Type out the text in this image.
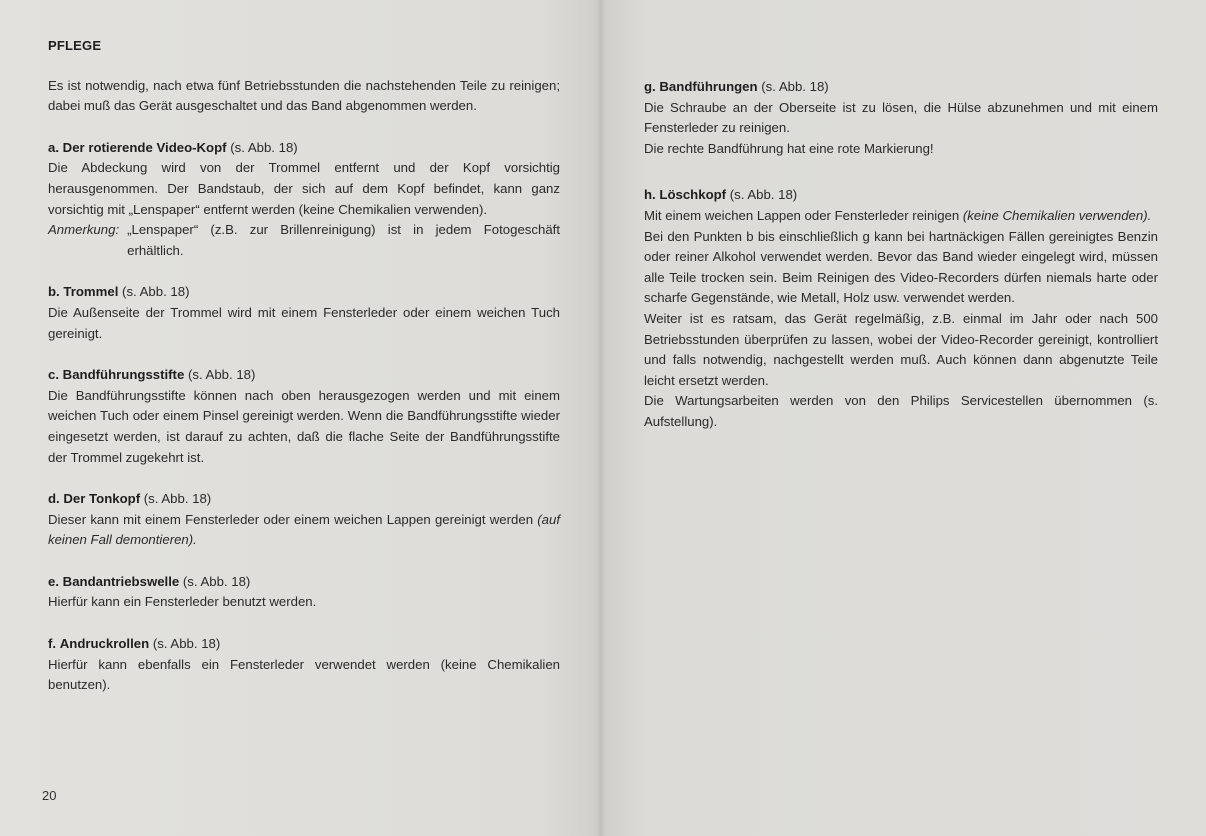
PFLEGE

Es ist notwendig, nach etwa fünf Betriebsstunden die nachstehenden Teile zu reinigen; dabei muß das Gerät ausgeschaltet und das Band abgenommen werden.

a. Der rotierende Video-Kopf (s. Abb. 18)

Die Abdeckung wird von der Trommel entfernt und der Kopf vorsichtig herausgenommen. Der Bandstaub, der sich auf dem Kopf befindet, kann ganz vorsichtig mit „Lenspaper“ entfernt werden (keine Chemikalien verwenden).

Anmerkung: „Lenspaper“ (z.B. zur Brillenreinigung) ist in jedem Fotogeschäft erhältlich.
b. Trommel (s. Abb. 18)

Die Außenseite der Trommel wird mit einem Fensterleder oder einem weichen Tuch gereinigt.

c. Bandführungsstifte (s. Abb. 18)

Die Bandführungsstifte können nach oben herausgezogen werden und mit einem weichen Tuch oder einem Pinsel gereinigt werden. Wenn die Bandführungsstifte wieder eingesetzt werden, ist darauf zu achten, daß die flache Seite der Bandführungsstifte der Trommel zugekehrt ist.

d. Der Tonkopf (s. Abb. 18)

Dieser kann mit einem Fensterleder oder einem weichen Lappen gereinigt werden (auf keinen Fall demontieren).

e. Bandantriebswelle (s. Abb. 18)

Hierfür kann ein Fensterleder benutzt werden.

f. Andruckrollen (s. Abb. 18)

Hierfür kann ebenfalls ein Fensterleder verwendet werden (keine Chemikalien benutzen).

20
g. Bandführungen (s. Abb. 18)

Die Schraube an der Oberseite ist zu lösen, die Hülse abzunehmen und mit einem Fensterleder zu reinigen.

Die rechte Bandführung hat eine rote Markierung!

h. Löschkopf (s. Abb. 18)

Mit einem weichen Lappen oder Fensterleder reinigen (keine Chemikalien verwenden).

Bei den Punkten b bis einschließlich g kann bei hartnäckigen Fällen gereinigtes Benzin oder reiner Alkohol verwendet werden. Bevor das Band wieder eingelegt wird, müssen alle Teile trocken sein. Beim Reinigen des Video-Recorders dürfen niemals harte oder scharfe Gegenstände, wie Metall, Holz usw. verwendet werden.

Weiter ist es ratsam, das Gerät regelmäßig, z.B. einmal im Jahr oder nach 500 Betriebsstunden überprüfen zu lassen, wobei der Video-Recorder gereinigt, kontrolliert und falls notwendig, nachgestellt werden muß. Auch können dann abgenutzte Teile leicht ersetzt werden.

Die Wartungsarbeiten werden von den Philips Servicestellen übernommen (s. Aufstellung).
